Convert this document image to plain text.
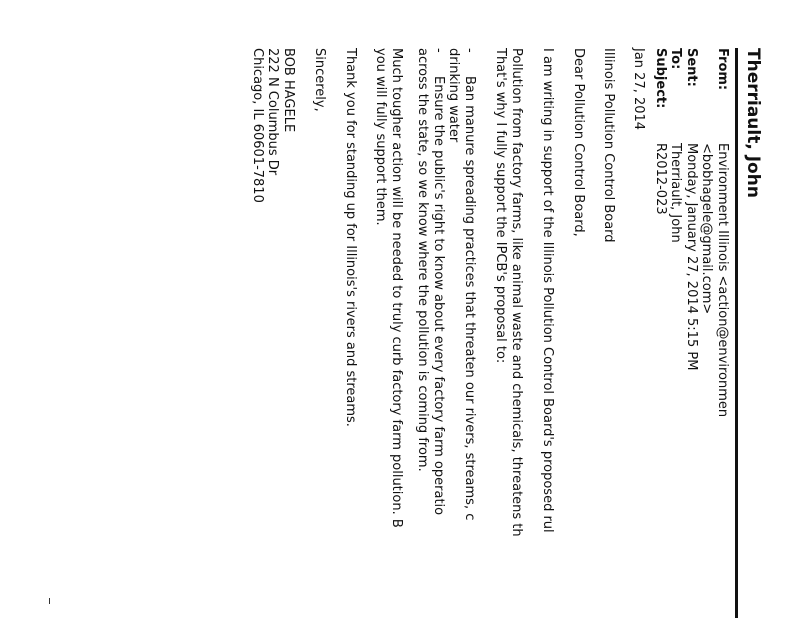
Therriault, John
From:
Environment Illinois <action@environmen
<bobhagele@gmail.com>
Sent:
Monday, January 27, 2014 5:15 PM
To:
Therriault, John
Subject:
R2012-023
Jan 27, 2014
Illinois Pollution Control Board
Dear Pollution Control Board,
I am writing in support of the Illinois Pollution Control Board's proposed rul
Pollution from factory farms, like animal waste and chemicals, threatens th
That's why I fully support the IPCB's proposal to:
-Ban manure spreading practices that threaten our rivers, streams, c
drinking water
-Ensure the public's right to know about every factory farm operatio
across the state, so we know where the pollution is coming from.
Much tougher action will be needed to truly curb factory farm pollution. B
you will fully support them.
Thank you for standing up for Illinois's rivers and streams.
Sincerely,
BOB HAGELE
222 N Columbus Dr
Chicago, IL 60601-7810
